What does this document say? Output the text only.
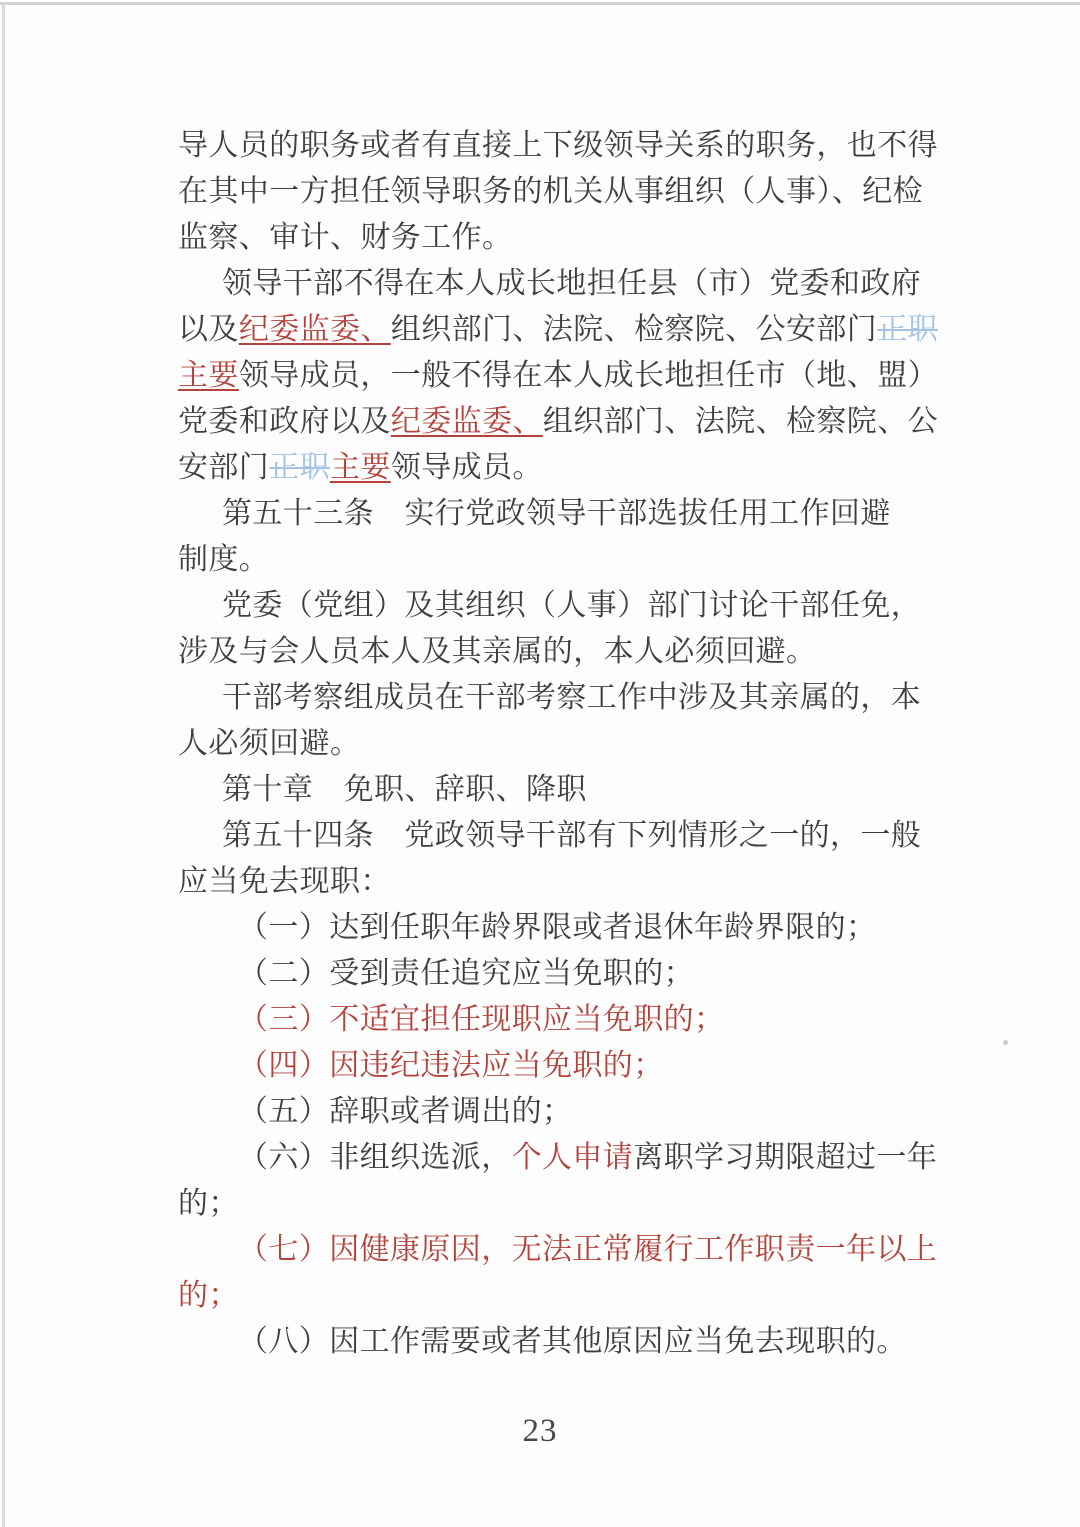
导人员的职务或者有直接上下级领导关系的职务，也不得
在其中一方担任领导职务的机关从事组织（人事）、纪检
监察、审计、财务工作。
领导干部不得在本人成长地担任县（市）党委和政府
以及纪委监委、组织部门、法院、检察院、公安部门正职
主要领导成员，一般不得在本人成长地担任市（地、盟）
党委和政府以及纪委监委、组织部门、法院、检察院、公
安部门正职主要领导成员。
第五十三条　实行党政领导干部选拔任用工作回避
制度。
党委（党组）及其组织（人事）部门讨论干部任免，
涉及与会人员本人及其亲属的，本人必须回避。
干部考察组成员在干部考察工作中涉及其亲属的，本
人必须回避。
第十章　免职、辞职、降职
第五十四条　党政领导干部有下列情形之一的，一般
应当免去现职：
（一）达到任职年龄界限或者退休年龄界限的；
（二）受到责任追究应当免职的；
（三）不适宜担任现职应当免职的；
（四）因违纪违法应当免职的；
（五）辞职或者调出的；
（六）非组织选派，个人申请离职学习期限超过一年
的；
（七）因健康原因，无法正常履行工作职责一年以上
的；
（八）因工作需要或者其他原因应当免去现职的。
23
